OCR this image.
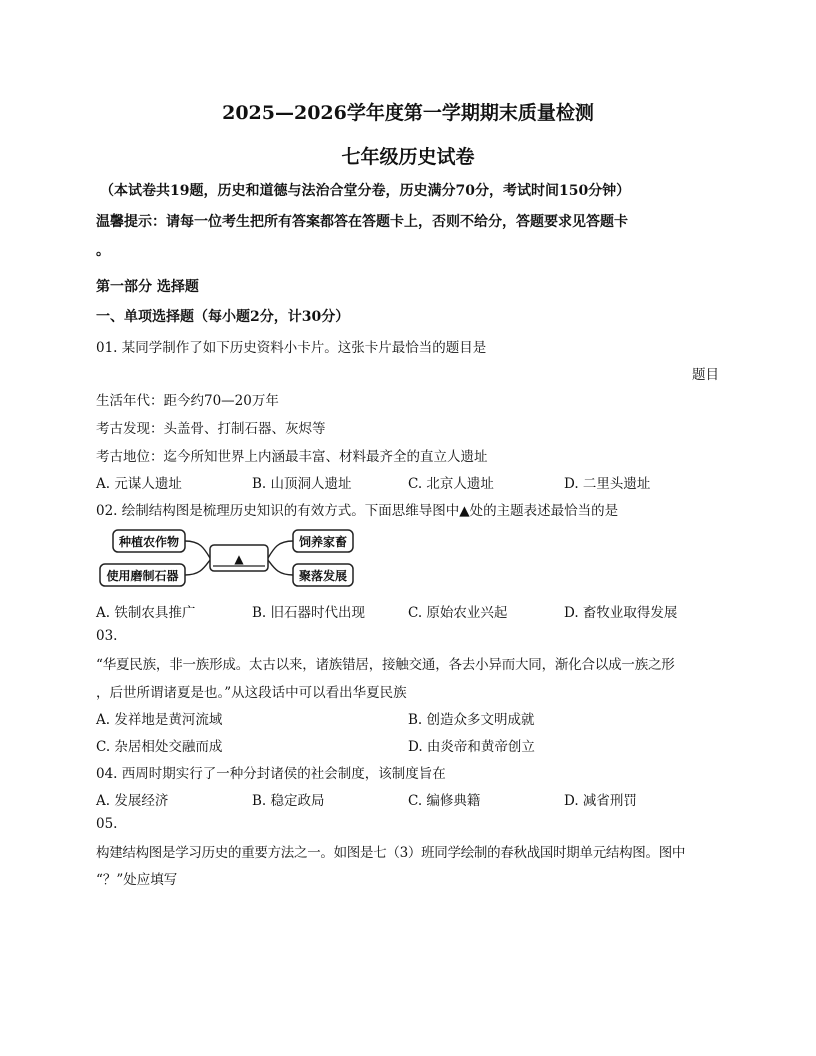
2025—2026学年度第一学期期末质量检测
七年级历史试卷
（本试卷共19题，历史和道德与法治合堂分卷，历史满分70分，考试时间150分钟）
温馨提示：请每一位考生把所有答案都答在答题卡上，否则不给分，答题要求见答题卡
。
第一部分 选择题
一、单项选择题（每小题2分，计30分）
01. 某同学制作了如下历史资料小卡片。这张卡片最恰当的题目是
题目
生活年代：距今约70—20万年
考古发现：头盖骨、打制石器、灰烬等
考古地位：迄今所知世界上内涵最丰富、材料最齐全的直立人遗址
A. 元谋人遗址	B. 山顶洞人遗址	C. 北京人遗址	D. 二里头遗址
02. 绘制结构图是梳理历史知识的有效方式。下面思维导图中▲处的主题表述最恰当的是
种植农作物
使用磨制石器
▲
饲养家畜
聚落发展
A. 铁制农具推广	B. 旧石器时代出现	C. 原始农业兴起	D. 畜牧业取得发展
03.
“华夏民族，非一族形成。太古以来，诸族错居，接触交通，各去小异而大同，渐化合以成一族之形
，后世所谓诸夏是也。”从这段话中可以看出华夏民族
A. 发祥地是黄河流域	B. 创造众多文明成就
C. 杂居相处交融而成	D. 由炎帝和黄帝创立
04. 西周时期实行了一种分封诸侯的社会制度，该制度旨在
A. 发展经济	B. 稳定政局	C. 编修典籍	D. 减省刑罚
05.
构建结构图是学习历史的重要方法之一。如图是七（3）班同学绘制的春秋战国时期单元结构图。图中
“？”处应填写
